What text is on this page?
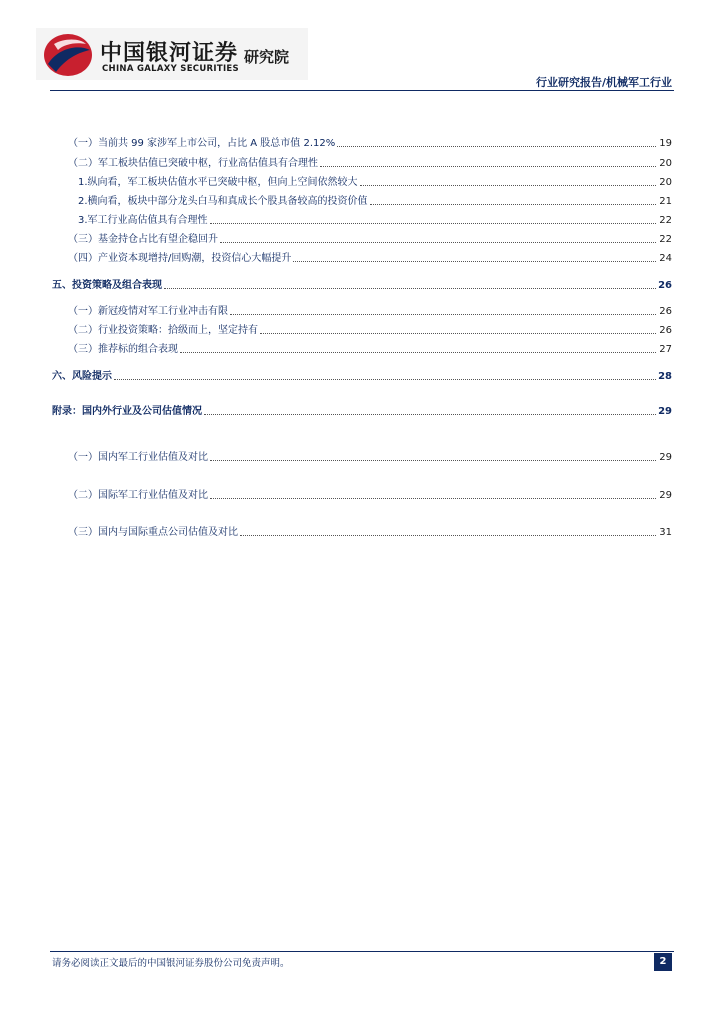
中国银河证券
CHINA GALAXY SECURITIES
研究院
行业研究报告/机械军工行业
（一）当前共 99 家涉军上市公司，占比 A 股总市值 2.12%	19
（二）军工板块估值已突破中枢，行业高估值具有合理性	20
1.纵向看，军工板块估值水平已突破中枢，但向上空间依然较大	20
2.横向看，板块中部分龙头白马和真成长个股具备较高的投资价值	21
3.军工行业高估值具有合理性	22
（三）基金持仓占比有望企稳回升	22
（四）产业资本现增持/回购潮，投资信心大幅提升	24
五、投资策略及组合表现	26
（一）新冠疫情对军工行业冲击有限	26
（二）行业投资策略：拾级而上，坚定持有	26
（三）推荐标的组合表现	27
六、风险提示	28
附录：国内外行业及公司估值情况	29
（一）国内军工行业估值及对比	29
（二）国际军工行业估值及对比	29
（三）国内与国际重点公司估值及对比	31
请务必阅读正文最后的中国银河证券股份公司免责声明。	2
